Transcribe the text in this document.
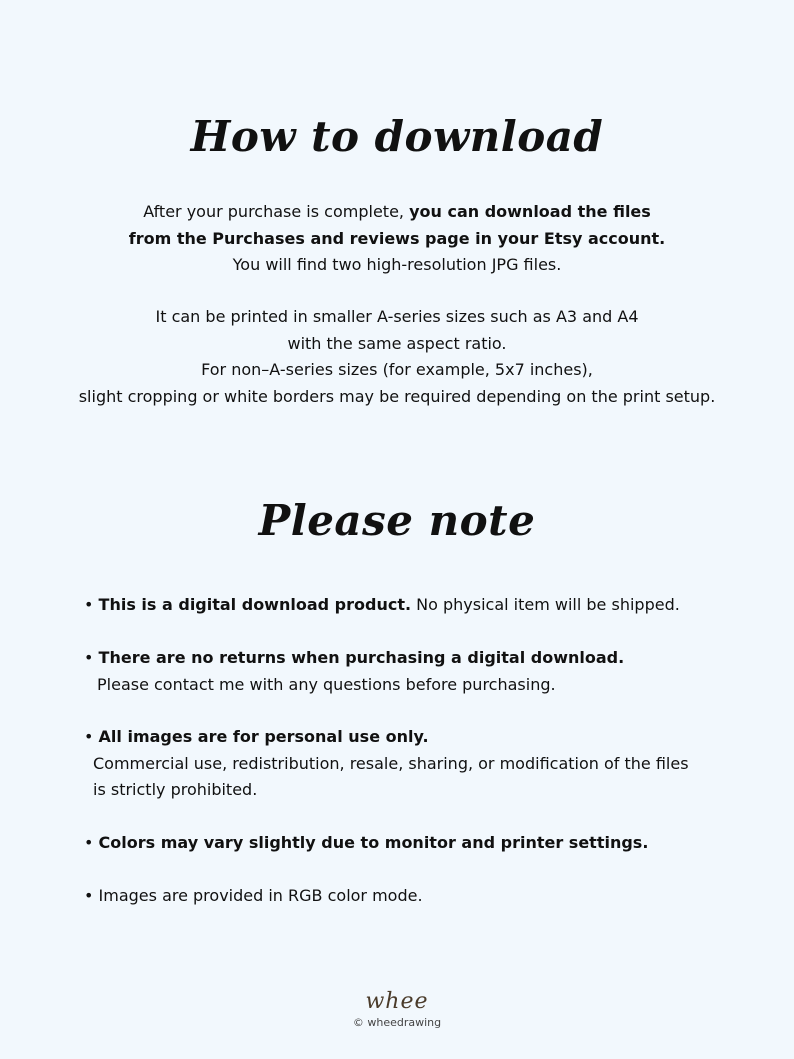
How to download
After your purchase is complete, you can download the files
from the Purchases and reviews page in your Etsy account.
You will find two high-resolution JPG files.
It can be printed in smaller A-series sizes such as A3 and A4
with the same aspect ratio.
For non–A-series sizes (for example, 5x7 inches),
slight cropping or white borders may be required depending on the print setup.
Please note
• This is a digital download product. No physical item will be shipped.
• There are no returns when purchasing a digital download.
Please contact me with any questions before purchasing.
• All images are for personal use only.
Commercial use, redistribution, resale, sharing, or modification of the files
is strictly prohibited.
• Colors may vary slightly due to monitor and printer settings.
• Images are provided in RGB color mode.
whee
© wheedrawing
